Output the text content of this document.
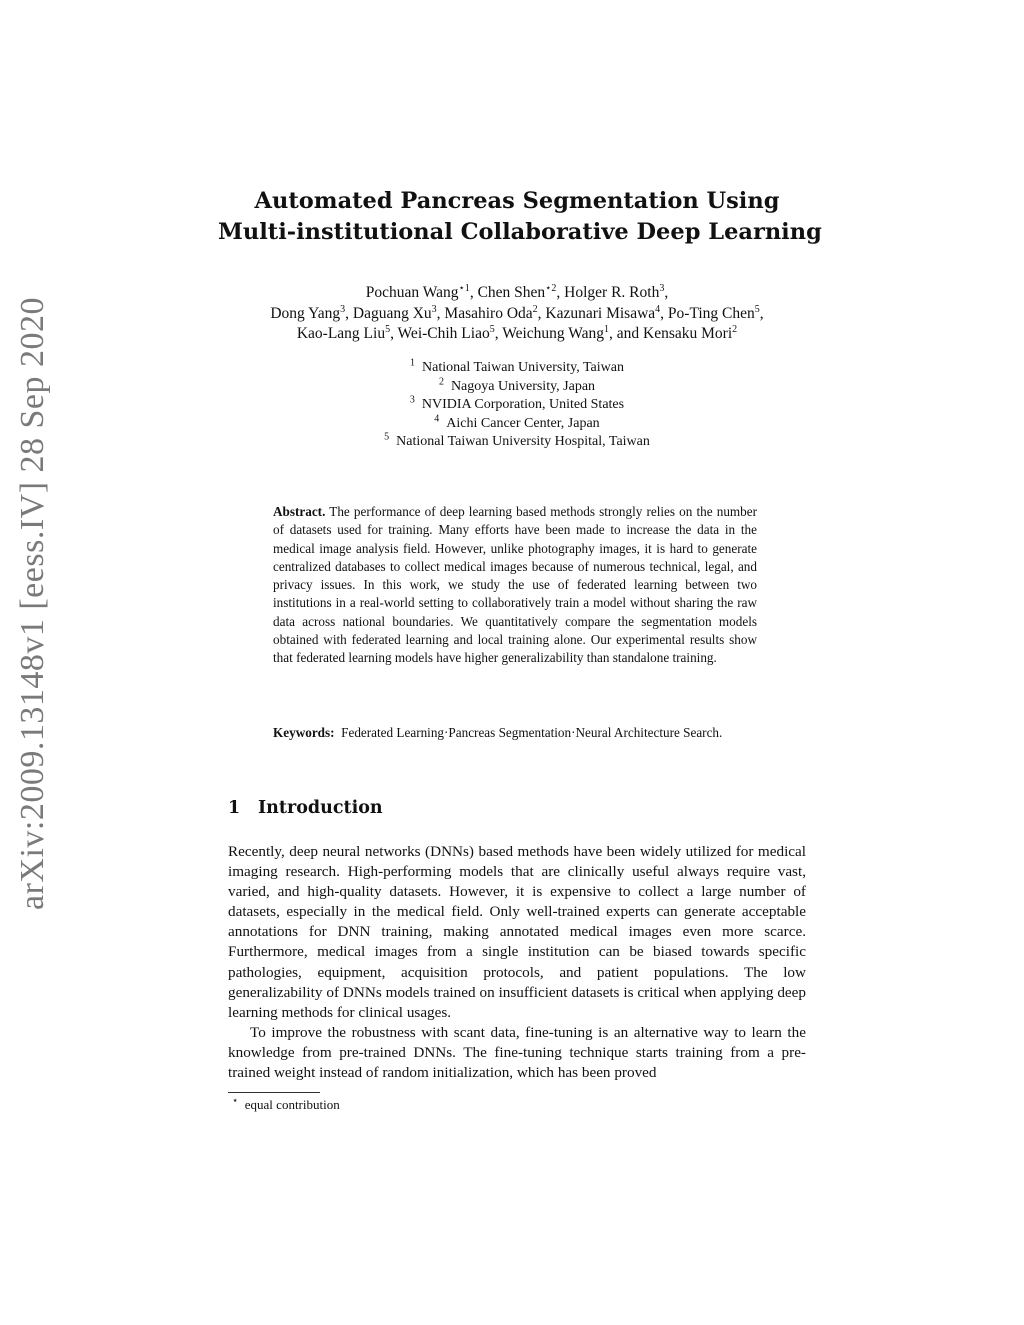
arXiv:2009.13148v1 [eess.IV] 28 Sep 2020
Automated Pancreas Segmentation Using
Multi-institutional Collaborative Deep Learning
Pochuan Wang$^{⋆1}$, Chen Shen$^{⋆2}$, Holger R. Roth$^3$,
Dong Yang$^3$, Daguang Xu$^3$, Masahiro Oda$^2$, Kazunari Misawa$^4$, Po-Ting Chen$^5$,
Kao-Lang Liu$^5$, Wei-Chih Liao$^5$, Weichung Wang$^1$, and Kensaku Mori$^2$
$^1$ National Taiwan University, Taiwan
$^2$ Nagoya University, Japan
$^3$ NVIDIA Corporation, United States
$^4$ Aichi Cancer Center, Japan
$^5$ National Taiwan University Hospital, Taiwan
Abstract. The performance of deep learning based methods strongly relies on the number of datasets used for training. Many efforts have been made to increase the data in the medical image analysis field. However, unlike photography images, it is hard to generate centralized databases to collect medical images because of numerous technical, legal, and privacy issues. In this work, we study the use of federated learning between two institutions in a real-world setting to collaboratively train a model without sharing the raw data across national boundaries. We quantitatively compare the segmentation models obtained with federated learning and local training alone. Our experimental results show that federated learning models have higher generalizability than standalone training.
Keywords: Federated Learning·Pancreas Segmentation·Neural Architecture Search.
1 Introduction

Recently, deep neural networks (DNNs) based methods have been widely utilized for medical imaging research. High-performing models that are clinically useful always require vast, varied, and high-quality datasets. However, it is expensive to collect a large number of datasets, especially in the medical field. Only well-trained experts can generate acceptable annotations for DNN training, making annotated medical images even more scarce. Furthermore, medical images from a single institution can be biased towards specific pathologies, equipment, acquisition protocols, and patient populations. The low generalizability of DNNs models trained on insufficient datasets is critical when applying deep learning methods for clinical usages.

To improve the robustness with scant data, fine-tuning is an alternative way to learn the knowledge from pre-trained DNNs. The fine-tuning technique starts training from a pre-trained weight instead of random initialization, which has been proved

⋆ equal contribution
